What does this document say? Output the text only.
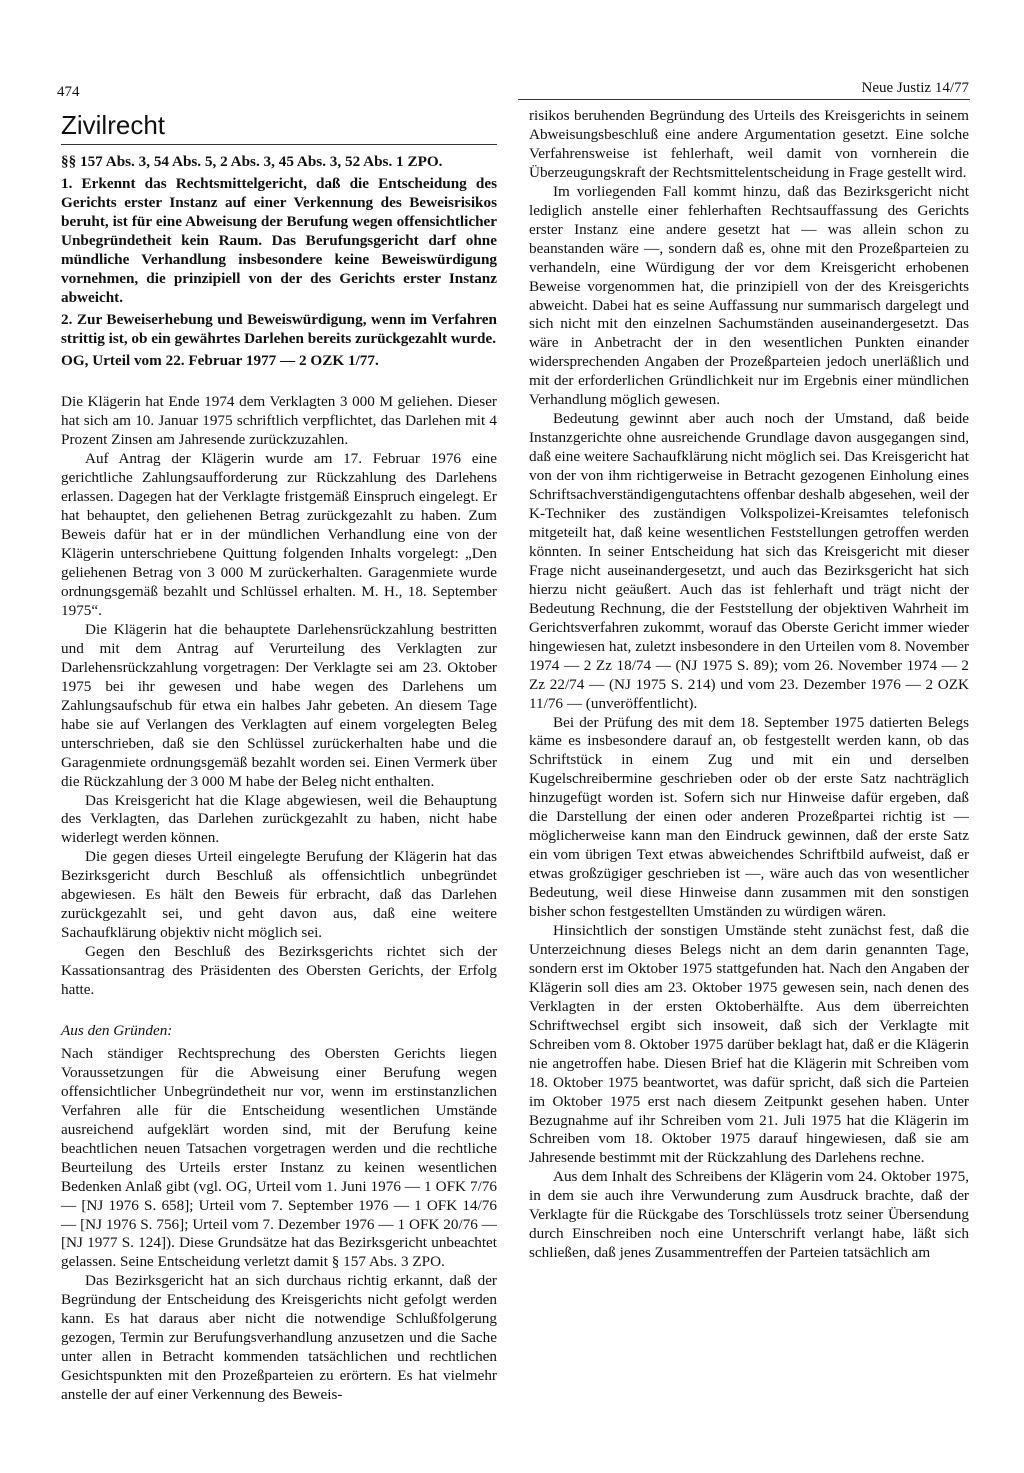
474	Neue Justiz 14/77
Zivilrecht

§§ 157 Abs. 3, 54 Abs. 5, 2 Abs. 3, 45 Abs. 3, 52 Abs. 1 ZPO.

1. Erkennt das Rechtsmittelgericht, daß die Entscheidung des Gerichts erster Instanz auf einer Verkennung des Beweisrisikos beruht, ist für eine Abweisung der Berufung wegen offensichtlicher Unbegründetheit kein Raum. Das Berufungsgericht darf ohne mündliche Verhandlung insbesondere keine Beweiswürdigung vornehmen, die prinzipiell von der des Gerichts erster Instanz abweicht.

2. Zur Beweiserhebung und Beweiswürdigung, wenn im Verfahren strittig ist, ob ein gewährtes Darlehen bereits zurückgezahlt wurde.

OG, Urteil vom 22. Februar 1977 — 2 OZK 1/77.

Die Klägerin hat Ende 1974 dem Verklagten 3 000 M geliehen. Dieser hat sich am 10. Januar 1975 schriftlich verpflichtet, das Darlehen mit 4 Prozent Zinsen am Jahresende zurückzuzahlen.

Auf Antrag der Klägerin wurde am 17. Februar 1976 eine gerichtliche Zahlungsaufforderung zur Rückzahlung des Darlehens erlassen. Dagegen hat der Verklagte fristgemäß Einspruch eingelegt. Er hat behauptet, den geliehenen Betrag zurückgezahlt zu haben. Zum Beweis dafür hat er in der mündlichen Verhandlung eine von der Klägerin unterschriebene Quittung folgenden Inhalts vorgelegt: „Den geliehenen Betrag von 3 000 M zurückerhalten. Garagenmiete wurde ordnungsgemäß bezahlt und Schlüssel erhalten. M. H., 18. September 1975“.

Die Klägerin hat die behauptete Darlehensrückzahlung bestritten und mit dem Antrag auf Verurteilung des Verklagten zur Darlehensrückzahlung vorgetragen: Der Verklagte sei am 23. Oktober 1975 bei ihr gewesen und habe wegen des Darlehens um Zahlungsaufschub für etwa ein halbes Jahr gebeten. An diesem Tage habe sie auf Verlangen des Verklagten auf einem vorgelegten Beleg unterschrieben, daß sie den Schlüssel zurückerhalten habe und die Garagenmiete ordnungsgemäß bezahlt worden sei. Einen Vermerk über die Rückzahlung der 3 000 M habe der Beleg nicht enthalten.

Das Kreisgericht hat die Klage abgewiesen, weil die Behauptung des Verklagten, das Darlehen zurückgezahlt zu haben, nicht habe widerlegt werden können.

Die gegen dieses Urteil eingelegte Berufung der Klägerin hat das Bezirksgericht durch Beschluß als offensichtlich unbegründet abgewiesen. Es hält den Beweis für erbracht, daß das Darlehen zurückgezahlt sei, und geht davon aus, daß eine weitere Sachaufklärung objektiv nicht möglich sei.

Gegen den Beschluß des Bezirksgerichts richtet sich der Kassationsantrag des Präsidenten des Obersten Gerichts, der Erfolg hatte.

Aus den Gründen:

Nach ständiger Rechtsprechung des Obersten Gerichts liegen Voraussetzungen für die Abweisung einer Berufung wegen offensichtlicher Unbegründetheit nur vor, wenn im erstinstanzlichen Verfahren alle für die Entscheidung wesentlichen Umstände ausreichend aufgeklärt worden sind, mit der Berufung keine beachtlichen neuen Tatsachen vorgetragen werden und die rechtliche Beurteilung des Urteils erster Instanz zu keinen wesentlichen Bedenken Anlaß gibt (vgl. OG, Urteil vom 1. Juni 1976 — 1 OFK 7/76 — [NJ 1976 S. 658]; Urteil vom 7. September 1976 — 1 OFK 14/76 — [NJ 1976 S. 756]; Urteil vom 7. Dezember 1976 — 1 OFK 20/76 — [NJ 1977 S. 124]). Diese Grundsätze hat das Bezirksgericht unbeachtet gelassen. Seine Entscheidung verletzt damit § 157 Abs. 3 ZPO.

Das Bezirksgericht hat an sich durchaus richtig erkannt, daß der Begründung der Entscheidung des Kreisgerichts nicht gefolgt werden kann. Es hat daraus aber nicht die notwendige Schlußfolgerung gezogen, Termin zur Berufungsverhandlung anzusetzen und die Sache unter allen in Betracht kommenden tatsächlichen und rechtlichen Gesichtspunkten mit den Prozeßparteien zu erörtern. Es hat vielmehr anstelle der auf einer Verkennung des Beweis-

risikos beruhenden Begründung des Urteils des Kreisgerichts in seinem Abweisungsbeschluß eine andere Argumentation gesetzt. Eine solche Verfahrensweise ist fehlerhaft, weil damit von vornherein die Überzeugungskraft der Rechtsmittelentscheidung in Frage gestellt wird.

Im vorliegenden Fall kommt hinzu, daß das Bezirksgericht nicht lediglich anstelle einer fehlerhaften Rechtsauffassung des Gerichts erster Instanz eine andere gesetzt hat — was allein schon zu beanstanden wäre —, sondern daß es, ohne mit den Prozeßparteien zu verhandeln, eine Würdigung der vor dem Kreisgericht erhobenen Beweise vorgenommen hat, die prinzipiell von der des Kreisgerichts abweicht. Dabei hat es seine Auffassung nur summarisch dargelegt und sich nicht mit den einzelnen Sachumständen auseinandergesetzt. Das wäre in Anbetracht der in den wesentlichen Punkten einander widersprechenden Angaben der Prozeßparteien jedoch unerläßlich und mit der erforderlichen Gründlichkeit nur im Ergebnis einer mündlichen Verhandlung möglich gewesen.

Bedeutung gewinnt aber auch noch der Umstand, daß beide Instanzgerichte ohne ausreichende Grundlage davon ausgegangen sind, daß eine weitere Sachaufklärung nicht möglich sei. Das Kreisgericht hat von der von ihm richtigerweise in Betracht gezogenen Einholung eines Schriftsachverständigengutachtens offenbar deshalb abgesehen, weil der K-Techniker des zuständigen Volkspolizei-Kreisamtes telefonisch mitgeteilt hat, daß keine wesentlichen Feststellungen getroffen werden könnten. In seiner Entscheidung hat sich das Kreisgericht mit dieser Frage nicht auseinandergesetzt, und auch das Bezirksgericht hat sich hierzu nicht geäußert. Auch das ist fehlerhaft und trägt nicht der Bedeutung Rechnung, die der Feststellung der objektiven Wahrheit im Gerichtsverfahren zukommt, worauf das Oberste Gericht immer wieder hingewiesen hat, zuletzt insbesondere in den Urteilen vom 8. November 1974 — 2 Zz 18/74 — (NJ 1975 S. 89); vom 26. November 1974 — 2 Zz 22/74 — (NJ 1975 S. 214) und vom 23. Dezember 1976 — 2 OZK 11/76 — (unveröffentlicht).

Bei der Prüfung des mit dem 18. September 1975 datierten Belegs käme es insbesondere darauf an, ob festgestellt werden kann, ob das Schriftstück in einem Zug und mit ein und derselben Kugelschreibermine geschrieben oder ob der erste Satz nachträglich hinzugefügt worden ist. Sofern sich nur Hinweise dafür ergeben, daß die Darstellung der einen oder anderen Prozeßpartei richtig ist — möglicherweise kann man den Eindruck gewinnen, daß der erste Satz ein vom übrigen Text etwas abweichendes Schriftbild aufweist, daß er etwas großzügiger geschrieben ist —, wäre auch das von wesentlicher Bedeutung, weil diese Hinweise dann zusammen mit den sonstigen bisher schon festgestellten Umständen zu würdigen wären.

Hinsichtlich der sonstigen Umstände steht zunächst fest, daß die Unterzeichnung dieses Belegs nicht an dem darin genannten Tage, sondern erst im Oktober 1975 stattgefunden hat. Nach den Angaben der Klägerin soll dies am 23. Oktober 1975 gewesen sein, nach denen des Verklagten in der ersten Oktoberhälfte. Aus dem überreichten Schriftwechsel ergibt sich insoweit, daß sich der Verklagte mit Schreiben vom 8. Oktober 1975 darüber beklagt hat, daß er die Klägerin nie angetroffen habe. Diesen Brief hat die Klägerin mit Schreiben vom 18. Oktober 1975 beantwortet, was dafür spricht, daß sich die Parteien im Oktober 1975 erst nach diesem Zeitpunkt gesehen haben. Unter Bezugnahme auf ihr Schreiben vom 21. Juli 1975 hat die Klägerin im Schreiben vom 18. Oktober 1975 darauf hingewiesen, daß sie am Jahresende bestimmt mit der Rückzahlung des Darlehens rechne.

Aus dem Inhalt des Schreibens der Klägerin vom 24. Oktober 1975, in dem sie auch ihre Verwunderung zum Ausdruck brachte, daß der Verklagte für die Rückgabe des Torschlüssels trotz seiner Übersendung durch Einschreiben noch eine Unterschrift verlangt habe, läßt sich schließen, daß jenes Zusammentreffen der Parteien tatsächlich am
